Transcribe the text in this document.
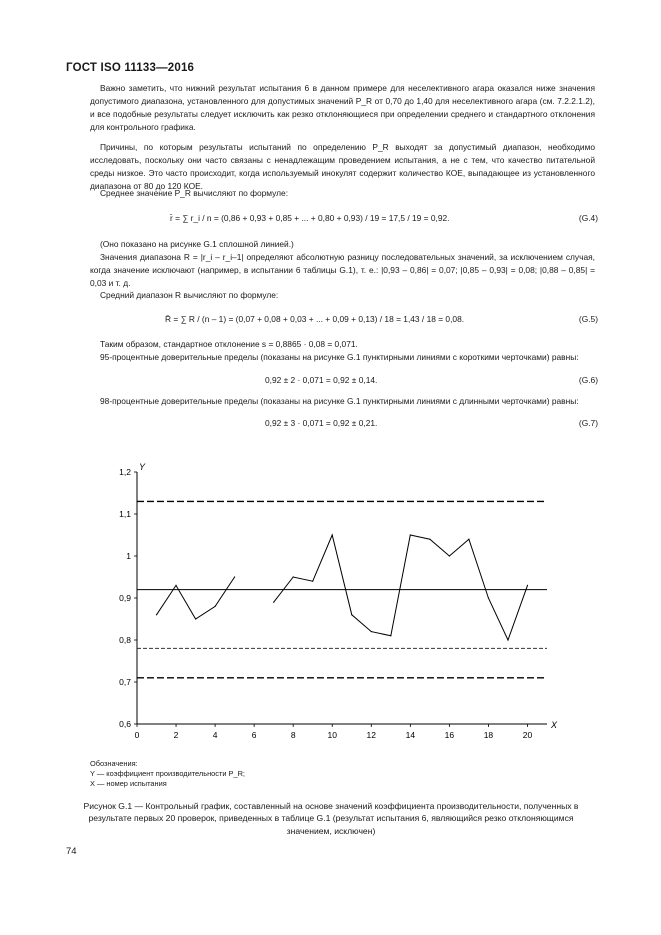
ГОСТ ISO 11133—2016
Важно заметить, что нижний результат испытания 6 в данном примере для неселективного агара оказался ниже значения допустимого диапазона, установленного для допустимых значений P_R от 0,70 до 1,40 для неселективного агара (см. 7.2.2.1.2), и все подобные результаты следует исключить как резко отклоняющиеся при определении среднего и стандартного отклонения для контрольного графика.
Причины, по которым результаты испытаний по определению P_R выходят за допустимый диапазон, необходимо исследовать, поскольку они часто связаны с ненадлежащим проведением испытания, а не с тем, что качество питательной среды низкое. Это часто происходит, когда используемый инокулят содержит количество КОЕ, выпадающее из установленного диапазона от 80 до 120 КОЕ.
Среднее значение P_R вычисляют по формуле:
r̄ = ∑ r_i / n = (0,86 + 0,93 + 0,85 + ... + 0,80 + 0,93) / 19 = 17,5 / 19 = 0,92.	(G.4)
(Оно показано на рисунке G.1 сплошной линией.)
Значения диапазона R = |r_i – r_i–1| определяют абсолютную разницу последовательных значений, за исключением случая, когда значение исключают (например, в испытании 6 таблицы G.1), т. е.: |0,93 – 0,86| = 0,07; |0,85 – 0,93| = 0,08; |0,88 – 0,85| = 0,03 и т. д.
Средний диапазон R вычисляют по формуле:
R̄ = ∑ R / (n – 1) = (0,07 + 0,08 + 0,03 + ... + 0,09 + 0,13) / 18 = 1,43 / 18 = 0,08.	(G.5)
Таким образом, стандартное отклонение s = 0,8865 · 0,08 = 0,071.
95-процентные доверительные пределы (показаны на рисунке G.1 пунктирными линиями с короткими черточками) равны:
0,92 ± 2 · 0,071 = 0,92 ± 0,14.	(G.6)
98-процентные доверительные пределы (показаны на рисунке G.1 пунктирными линиями с длинными черточками) равны:
0,92 ± 3 · 0,071 = 0,92 ± 0,21.	(G.7)
X
Y
0	2	4	6	8	10	12	14	16	18	20
0,6
0,7
0,8
0,9
1
1,1
1,2
Обозначения:
Y — коэффициент производительности P_R;
X — номер испытания
Рисунок G.1 — Контрольный график, составленный на основе значений коэффициента производительности, полученных в результате первых 20 проверок, приведенных в таблице G.1 (результат испытания 6, являющийся резко отклоняющимся значением, исключен)
74
